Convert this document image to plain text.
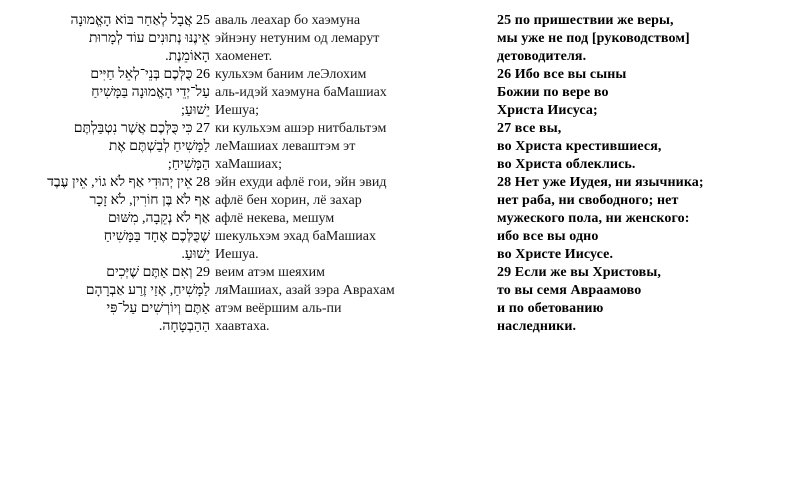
25 אֲבָל לְאַחַר בּוֹא הָאֱמוּנָה
אֵינֶנּוּ נְתוּנִים עוֹד לְמָרוּת
הָאוֹמֵנֶת.
26 כֻּלְּכֶם בְּנֵי־לְאֵל חַיִּים
עַל־יְדֵי הָאֱמוּנָה בַּמָּשִׁיחַ
יֵשׁוּעַ;
27 כִּי כֻּלְּכֶם אֲשֶׁר נִטְבַּלְתֶּם
לַמָּשִׁיחַ לְבַשְׁתֶּם אֶת
הַמָּשִׁיחַ;
28 אֵין יְהוּדִי אַף לֹא גוֹי, אֵין עֶבֶד
אַף לֹא בֶּן חוֹרִין, לֹא זָכָר
אַף לֹא נְקֵבָה, מִשּׁוּם
שֶׁכֻּלְּכֶם אֶחָד בַּמָּשִׁיחַ
יֵשׁוּעַ.
29 וְאִם אַתֶּם שֶׁיְּכִים
לַמָּשִׁיחַ, אָזַי זֶרַע אַבְרָהָם
אַתֶּם וְיוֹרְשִׁים עַל־פִּי
הַהַבְטָחָה.
аваль леахар бо хаэмуна
эйнэну нетуним од лемарут
хаоменет.
кульхэм баним леЭлохим
аль-идэй хаэмуна баМашиах
Иешуа;
ки кульхэм ашэр нитбальтэм
леМашиах леваштэм эт
хаМашиах;
эйн ехуди афлё гои, эйн эвид
афлё бен хорин, лё захар
афлё некева, мешум
шекульхэм эхад баМашиах
Иешуа.
веим атэм шеяхим
ляМашиах, азай зэра Авраxам
атэм веёршим аль-пи
хаавтаха.
25 по пришествии же веры,
мы уже не под [руководством]
детоводителя.
26 Ибо все вы сыны
Божии по вере во
Христа Иисуса;
27 все вы,
во Христа крестившиеся,
во Христа облеклись.
28 Нет уже Иудея, ни язычника;
нет раба, ни свободного; нет
мужеского пола, ни женского:
ибо все вы одно
во Христе Иисусе.
29 Если же вы Христовы,
то вы семя Авраамово
и по обетованию
наследники.
